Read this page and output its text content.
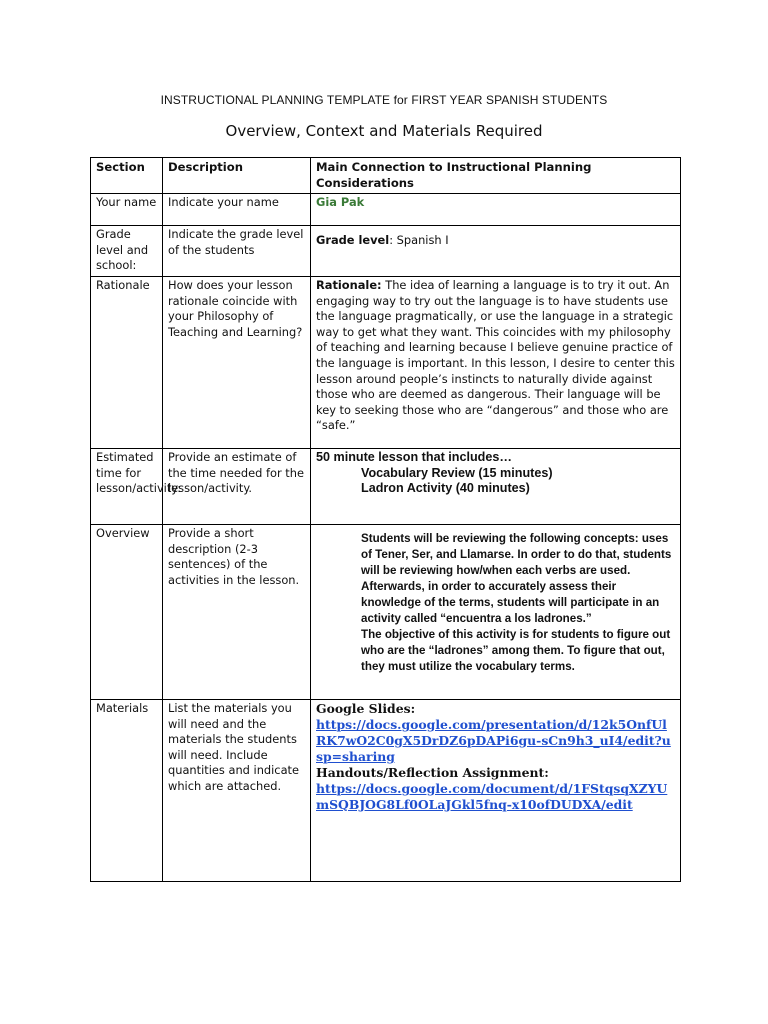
INSTRUCTIONAL PLANNING TEMPLATE for FIRST YEAR SPANISH STUDENTS
Overview, Context and Materials Required
Section	Description	Main Connection to Instructional Planning Considerations
Your name	Indicate your name	Gia Pak
Grade level and school:	Indicate the grade level of the students	Grade level: Spanish I
Rationale	How does your lesson rationale coincide with your Philosophy of Teaching and Learning?	Rationale: The idea of learning a language is to try it out. An engaging way to try out the language is to have students use the language pragmatically, or use the language in a strategic way to get what they want. This coincides with my philosophy of teaching and learning because I believe genuine practice of the language is important. In this lesson, I desire to center this lesson around people’s instincts to naturally divide against those who are deemed as dangerous. Their language will be key to seeking those who are “dangerous” and those who are “safe.”
Estimated time for lesson/activity:	Provide an estimate of the time needed for the lesson/activity.	50 minute lesson that includes…
Vocabulary Review (15 minutes)
Ladron Activity (40 minutes)

Overview	Provide a short description (2-3 sentences) of the activities in the lesson.	Students will be reviewing the following concepts: uses of Tener, Ser, and Llamarse. In order to do that, students will be reviewing how/when each verbs are used. Afterwards, in order to accurately assess their knowledge of the terms, students will participate in an activity called “encuentra a los ladrones.”

The objective of this activity is for students to figure out who are the “ladrones” among them. To figure that out, they must utilize the vocabulary terms.

Materials	List the materials you will need and the materials the students will need. Include quantities and indicate which are attached.	Google Slides:
https://docs.google.com/presentation/d/12k5OnfUlRK7wO2C0gX5DrDZ6pDAPi6gu-sCn9h3_uI4/edit?usp=sharing
Handouts/Reflection Assignment:
https://docs.google.com/document/d/1FStqsqXZYUmSQBJOG8Lf0OLaJGkl5fnq-x10ofDUDXA/edit
